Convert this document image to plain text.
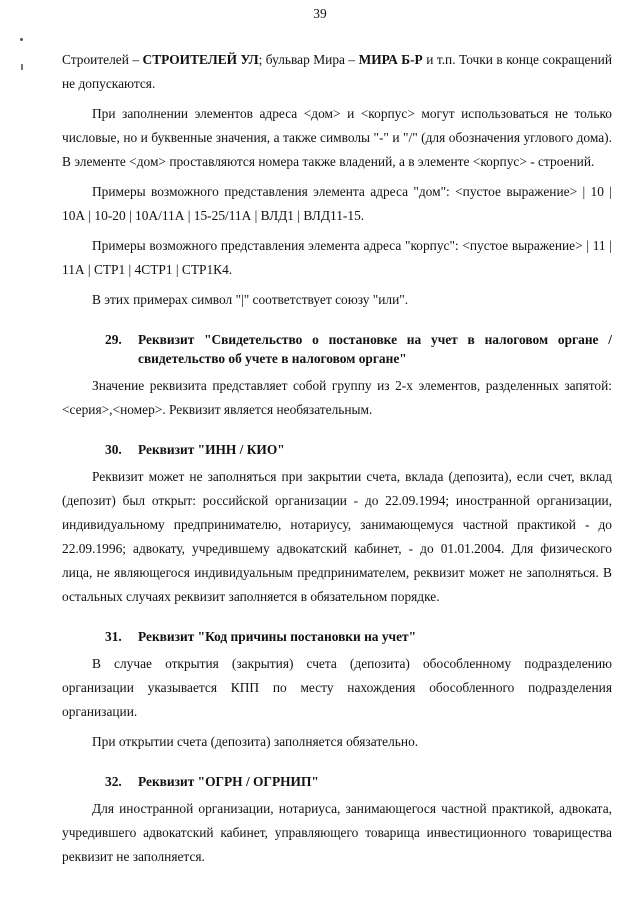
39

Строителей – СТРОИТЕЛЕЙ УЛ; бульвар Мира – МИРА Б-Р и т.п. Точки в конце сокращений не допускаются.

При заполнении элементов адреса <дом> и <корпус> могут использоваться не только числовые, но и буквенные значения, а также символы "-" и "/" (для обозначения углового дома). В элементе <дом> проставляются номера также владений, а в элементе <корпус> - строений.

Примеры возможного представления элемента адреса "дом": <пустое выражение> | 10 | 10А | 10-20 | 10А/11А | 15-25/11А | ВЛД1 | ВЛД11-15.

Примеры возможного представления элемента адреса "корпус": <пустое выражение> | 11 | 11А | СТР1 | 4СТР1 | СТР1К4.

В этих примерах символ "|" соответствует союзу "или".

29.	Реквизит "Свидетельство о постановке на учет в налоговом органе / свидетельство об учете в налоговом органе"

Значение реквизита представляет собой группу из 2-х элементов, разделенных запятой: <серия>,<номер>. Реквизит является необязательным.

30.	Реквизит "ИНН / КИО"

Реквизит может не заполняться при закрытии счета, вклада (депозита), если счет, вклад (депозит) был открыт: российской организации - до 22.09.1994; иностранной организации, индивидуальному предпринимателю, нотариусу, занимающемуся частной практикой - до 22.09.1996; адвокату, учредившему адвокатский кабинет, - до 01.01.2004. Для физического лица, не являющегося индивидуальным предпринимателем, реквизит может не заполняться. В остальных случаях реквизит заполняется в обязательном порядке.

31.	Реквизит "Код причины постановки на учет"

В случае открытия (закрытия) счета (депозита) обособленному подразделению организации указывается КПП по месту нахождения обособленного подразделения организации.

При открытии счета (депозита) заполняется обязательно.

32.	Реквизит "ОГРН / ОГРНИП"

Для иностранной организации, нотариуса, занимающегося частной практикой, адвоката, учредившего адвокатский кабинет, управляющего товарища инвестиционного товарищества реквизит не заполняется.
